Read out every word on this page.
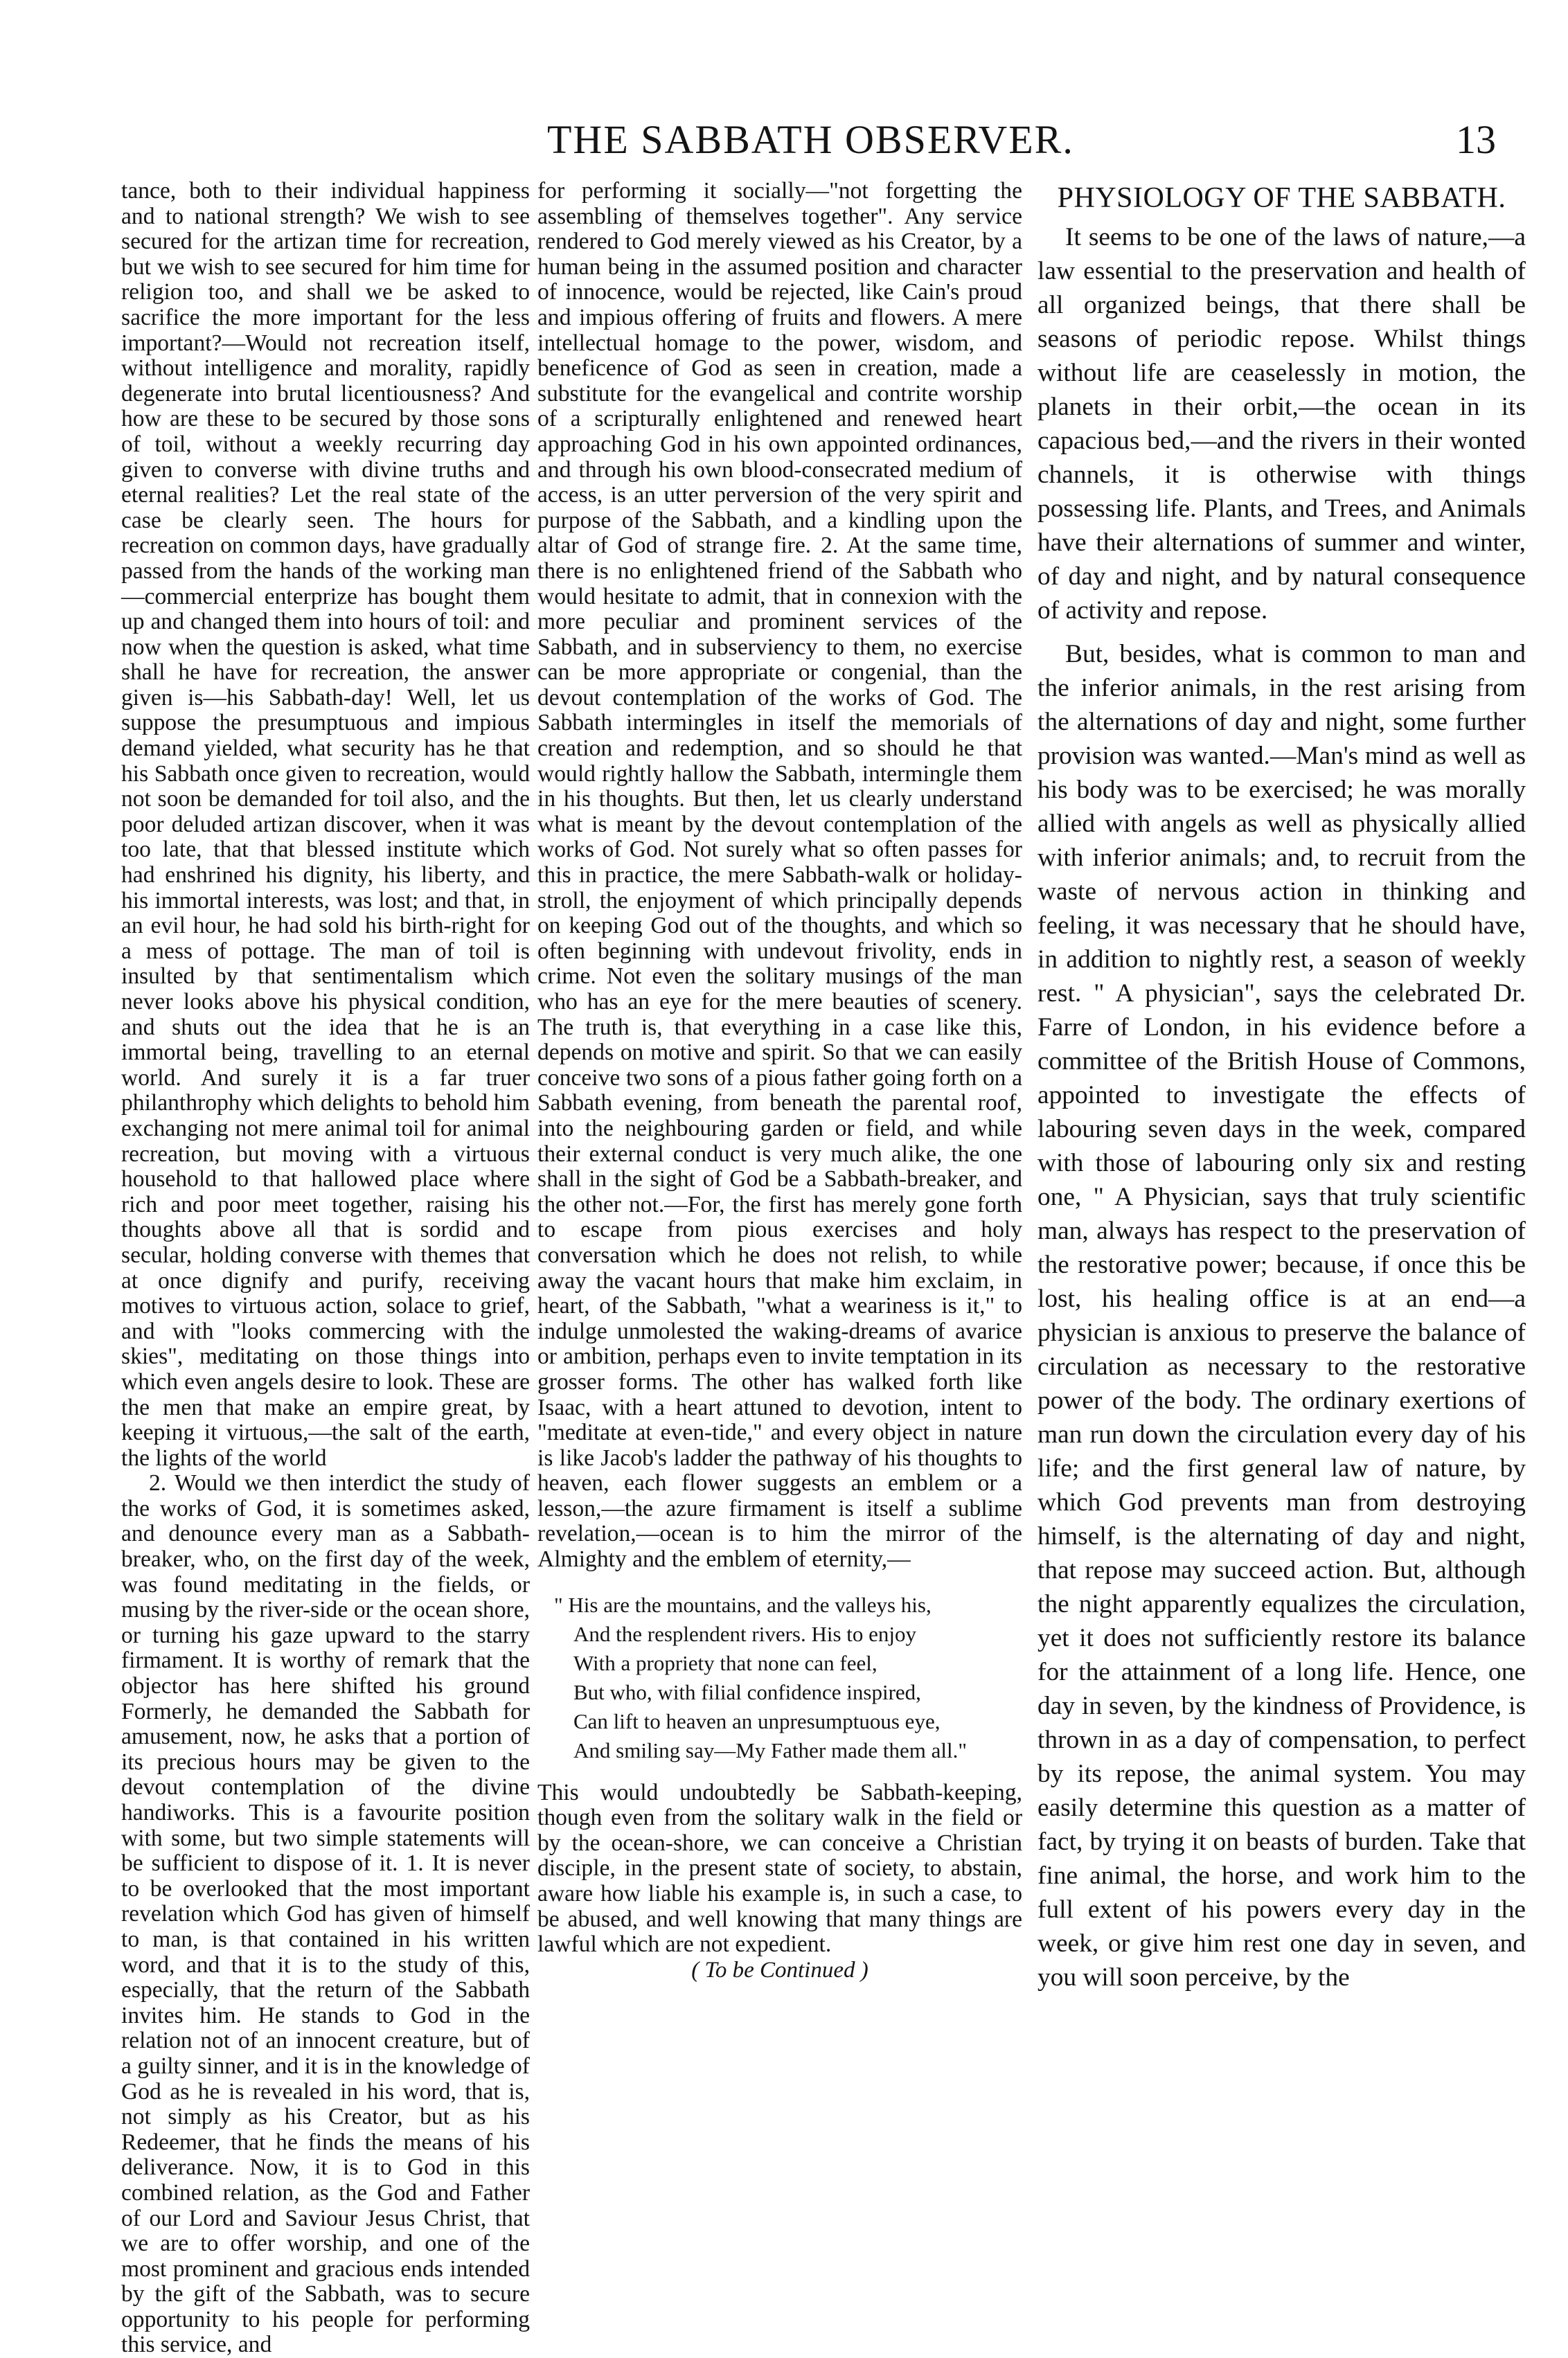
THE SABBATH OBSERVER.	13

tance, both to their individual happiness and to national strength? We wish to see secured for the artizan time for recreation, but we wish to see secured for him time for religion too, and shall we be asked to sacrifice the more important for the less important?—Would not recreation itself, without intelligence and morality, rapidly degenerate into brutal licentiousness? And how are these to be secured by those sons of toil, without a weekly recurring day given to converse with divine truths and eternal realities? Let the real state of the case be clearly seen. The hours for recreation on common days, have gradually passed from the hands of the working man—commercial enterprize has bought them up and changed them into hours of toil: and now when the question is asked, what time shall he have for recreation, the answer given is—his Sabbath-day! Well, let us suppose the presumptuous and impious demand yielded, what security has he that his Sabbath once given to recreation, would not soon be demanded for toil also, and the poor deluded artizan discover, when it was too late, that that blessed institute which had enshrined his dignity, his liberty, and his immortal interests, was lost; and that, in an evil hour, he had sold his birth-right for a mess of pottage. The man of toil is insulted by that sentimentalism which never looks above his physical condition, and shuts out the idea that he is an immortal being, travelling to an eternal world. And surely it is a far truer philanthrophy which delights to behold him exchanging not mere animal toil for animal recreation, but moving with a virtuous household to that hallowed place where rich and poor meet together, raising his thoughts above all that is sordid and secular, holding converse with themes that at once dignify and purify, receiving motives to virtuous action, solace to grief, and with "looks commercing with the skies", meditating on those things into which even angels desire to look. These are the men that make an empire great, by keeping it virtuous,—the salt of the earth, the lights of the world

2. Would we then interdict the study of the works of God, it is sometimes asked, and denounce every man as a Sabbath-breaker, who, on the first day of the week, was found meditating in the fields, or musing by the river-side or the ocean shore, or turning his gaze upward to the starry firmament. It is worthy of remark that the objector has here shifted his ground Formerly, he demanded the Sabbath for amusement, now, he asks that a portion of its precious hours may be given to the devout contemplation of the divine handiworks. This is a favourite position with some, but two simple statements will be sufficient to dispose of it. 1. It is never to be overlooked that the most important revelation which God has given of himself to man, is that contained in his written word, and that it is to the study of this, especially, that the return of the Sabbath invites him. He stands to God in the relation not of an innocent creature, but of a guilty sinner, and it is in the knowledge of God as he is revealed in his word, that is, not simply as his Creator, but as his Redeemer, that he finds the means of his deliverance. Now, it is to God in this combined relation, as the God and Father of our Lord and Saviour Jesus Christ, that we are to offer worship, and one of the most prominent and gracious ends intended by the gift of the Sabbath, was to secure opportunity to his people for performing this service, and

for performing it socially—"not forgetting the assembling of themselves together". Any service rendered to God merely viewed as his Creator, by a human being in the assumed position and character of innocence, would be rejected, like Cain's proud and impious offering of fruits and flowers. A mere intellectual homage to the power, wisdom, and beneficence of God as seen in creation, made a substitute for the evangelical and contrite worship of a scripturally enlightened and renewed heart approaching God in his own appointed ordinances, and through his own blood-consecrated medium of access, is an utter perversion of the very spirit and purpose of the Sabbath, and a kindling upon the altar of God of strange fire. 2. At the same time, there is no enlightened friend of the Sabbath who would hesitate to admit, that in connexion with the more peculiar and prominent services of the Sabbath, and in subserviency to them, no exercise can be more appropriate or congenial, than the devout contemplation of the works of God. The Sabbath intermingles in itself the memorials of creation and redemption, and so should he that would rightly hallow the Sabbath, intermingle them in his thoughts. But then, let us clearly understand what is meant by the devout contemplation of the works of God. Not surely what so often passes for this in practice, the mere Sabbath-walk or holiday-stroll, the enjoyment of which principally depends on keeping God out of the thoughts, and which so often beginning with undevout frivolity, ends in crime. Not even the solitary musings of the man who has an eye for the mere beauties of scenery. The truth is, that everything in a case like this, depends on motive and spirit. So that we can easily conceive two sons of a pious father going forth on a Sabbath evening, from beneath the parental roof, into the neighbouring garden or field, and while their external conduct is very much alike, the one shall in the sight of God be a Sabbath-breaker, and the other not.—For, the first has merely gone forth to escape from pious exercises and holy conversation which he does not relish, to while away the vacant hours that make him exclaim, in heart, of the Sabbath, "what a weariness is it," to indulge unmolested the waking-dreams of avarice or ambition, perhaps even to invite temptation in its grosser forms. The other has walked forth like Isaac, with a heart attuned to devotion, intent to "meditate at even-tide," and every object in nature is like Jacob's ladder the pathway of his thoughts to heaven, each flower suggests an emblem or a lesson,—the azure firmament is itself a sublime revelation,—ocean is to him the mirror of the Almighty and the emblem of eternity,—

" His are the mountains, and the valleys his,
And the resplendent rivers. His to enjoy
With a propriety that none can feel,
But who, with filial confidence inspired,
Can lift to heaven an unpresumptuous eye,
And smiling say—My Father made them all."

This would undoubtedly be Sabbath-keeping, though even from the solitary walk in the field or by the ocean-shore, we can conceive a Christian disciple, in the present state of society, to abstain, aware how liable his example is, in such a case, to be abused, and well knowing that many things are lawful which are not expedient.

( To be Continued )

PHYSIOLOGY OF THE SABBATH.

It seems to be one of the laws of nature,—a law essential to the preservation and health of all organized beings, that there shall be seasons of periodic repose. Whilst things without life are ceaselessly in motion, the planets in their orbit,—the ocean in its capacious bed,—and the rivers in their wonted channels, it is otherwise with things possessing life. Plants, and Trees, and Animals have their alternations of summer and winter, of day and night, and by natural consequence of activity and repose.

But, besides, what is common to man and the inferior animals, in the rest arising from the alternations of day and night, some further provision was wanted.—Man's mind as well as his body was to be exercised; he was morally allied with angels as well as physically allied with inferior animals; and, to recruit from the waste of nervous action in thinking and feeling, it was necessary that he should have, in addition to nightly rest, a season of weekly rest. " A physician", says the celebrated Dr. Farre of London, in his evidence before a committee of the British House of Commons, appointed to investigate the effects of labouring seven days in the week, compared with those of labouring only six and resting one, " A Physician, says that truly scientific man, always has respect to the preservation of the restorative power; because, if once this be lost, his healing office is at an end—a physician is anxious to preserve the balance of circulation as necessary to the restorative power of the body. The ordinary exertions of man run down the circulation every day of his life; and the first general law of nature, by which God prevents man from destroying himself, is the alternating of day and night, that repose may succeed action. But, although the night apparently equalizes the circulation, yet it does not sufficiently restore its balance for the attainment of a long life. Hence, one day in seven, by the kindness of Providence, is thrown in as a day of compensation, to perfect by its repose, the animal system. You may easily determine this question as a matter of fact, by trying it on beasts of burden. Take that fine animal, the horse, and work him to the full extent of his powers every day in the week, or give him rest one day in seven, and you will soon perceive, by the
